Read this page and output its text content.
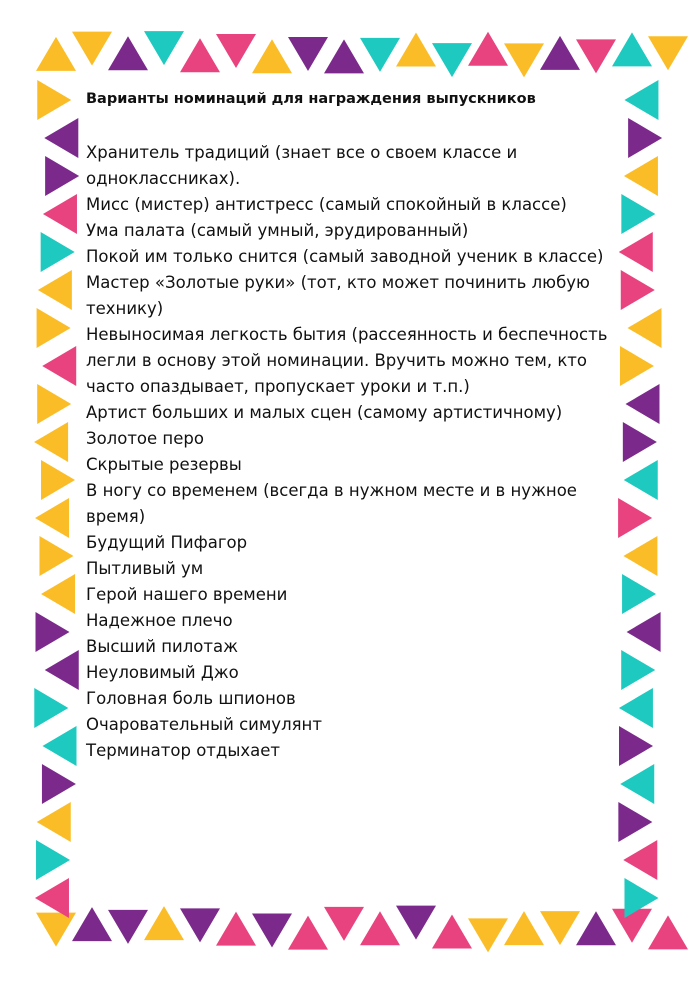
Варианты номинаций для награждения выпускников
Хранитель традиций (знает все о своем классе и одноклассниках).
Мисс (мистер) антистресс (самый спокойный в классе)
Ума палата (самый умный, эрудированный)
Покой им только снится (самый заводной ученик в классе)
Мастер «Золотые руки» (тот, кто может починить любую технику)
Невыносимая легкость бытия (рассеянность и беспечность легли в основу этой номинации. Вручить можно тем, кто часто опаздывает, пропускает уроки и т.п.)
Артист больших и малых сцен (самому артистичному)
Золотое перо
Скрытые резервы
В ногу со временем (всегда в нужном месте и в нужное время)
Будущий Пифагор
Пытливый ум
Герой нашего времени
Надежное плечо
Высший пилотаж
Неуловимый Джо
Головная боль шпионов
Очаровательный симулянт
Терминатор отдыхает
